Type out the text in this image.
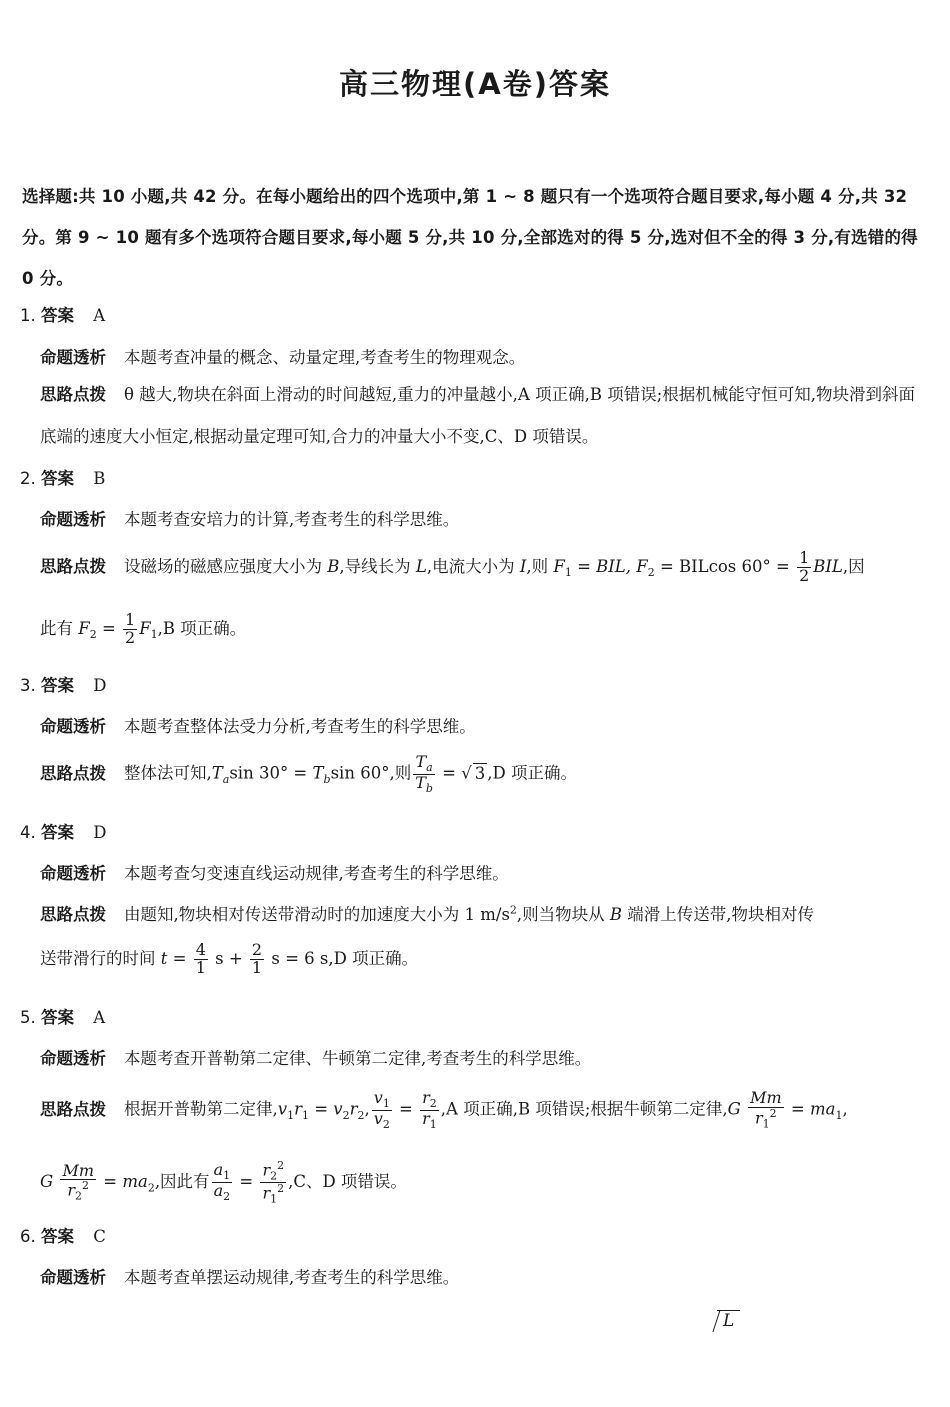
高三物理(A卷)答案
选择题:共 10 小题,共 42 分。在每小题给出的四个选项中,第 1 ~ 8 题只有一个选项符合题目要求,每小题 4 分,共 32 分。第 9 ~ 10 题有多个选项符合题目要求,每小题 5 分,共 10 分,全部选对的得 5 分,选对但不全的得 3 分,有选错的得 0 分。
1. 答案 A
命题透析 本题考查冲量的概念、动量定理,考查考生的物理观念。
思路点拨 θ 越大,物块在斜面上滑动的时间越短,重力的冲量越小,A 项正确,B 项错误;根据机械能守恒可知,物块滑到斜面底端的速度大小恒定,根据动量定理可知,合力的冲量大小不变,C、D 项错误。
2. 答案 B
命题透析 本题考查安培力的计算,考查考生的科学思维。
思路点拨 设磁场的磁感应强度大小为 B,导线长为 L,电流大小为 I,则 $F_1$ = BIL, $F_2 = BILcos$ $60^\circ = \frac{1}{2}$ BIL,因
此有 $F_2 = \frac{1}{2} F_1,B$ 项正确。
3. 答案 D
命题透析 本题考查整体法受力分析,考查考生的科学思维。
思路点拨 整体法可知$,T_a\sin$ $30^\circ = T_b\sin$ 60°,则 $\frac{T_a}{T_b}$ = √ 3 ,D 项正确。
4. 答案 D
命题透析 本题考查匀变速直线运动规律,考查考生的科学思维。
思路点拨 由题知,物块相对传送带滑动时的加速度大小为 1 $m/s^2$,则当物块从 B 端滑上传送带,物块相对传
送带滑行的时间 $t = \frac{4}{1}$ $s + \frac{2}{1}$ s = 6 s,D 项正确。
5. 答案 A
命题透析 本题考查开普勒第二定律、牛顿第二定律,考查考生的科学思维。
思路点拨 根据开普勒第二定律$,v_1r_1 = v_2r_2$, $\frac{v_1}{v_2} = \frac{r_2}{r_1} ,A$ 项正确,B 项错误;根据牛顿第二定律$,G \frac{Mm}{r_1^2} = ma_1$,
G $\frac{Mm}{r_2^2} = ma_2$,因此有 $\frac{a_1}{a_2} = \frac{r_2^2}{r_1^2} ,C$、D 项错误。
6. 答案 C
命题透析 本题考查单摆运动规律,考查考生的科学思维。
L
